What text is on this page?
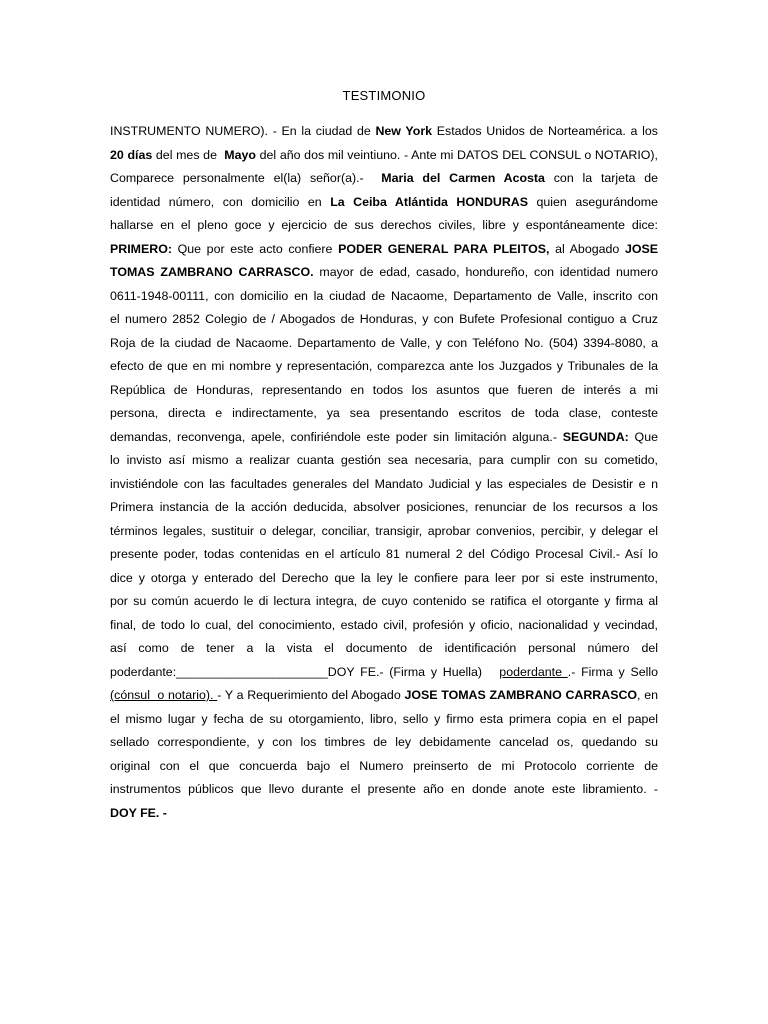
TESTIMONIO
INSTRUMENTO NUMERO). - En la ciudad de New York Estados Unidos de Norteamérica. a los
20 días del mes de  Mayo del año dos mil veintiuno. - Ante mi DATOS DEL CONSUL o NOTARIO),
Comparece personalmente el(la) señor(a).-  Maria del Carmen Acosta con la tarjeta de
identidad número, con domicilio en La Ceiba Atlántida HONDURAS quien asegurándome
hallarse en el pleno goce y ejercicio de sus derechos civiles, libre y espontáneamente dice:
PRIMERO: Que por este acto confiere PODER GENERAL PARA PLEITOS, al Abogado JOSE
TOMAS ZAMBRANO CARRASCO. mayor de edad, casado, hondureño, con identidad numero
0611-1948-00111, con domicilio en la ciudad de Nacaome, Departamento de Valle, inscrito con
el numero 2852 Colegio de / Abogados de Honduras, y con Bufete Profesional contiguo a Cruz
Roja de la ciudad de Nacaome. Departamento de Valle, y con Teléfono No. (504) 3394-8080, a
efecto de que en mi nombre y representación, comparezca ante los Juzgados y Tribunales de la
República de Honduras, representando en todos los asuntos que fueren de interés a mi
persona, directa e indirectamente, ya sea presentando escritos de toda clase, conteste
demandas, reconvenga, apele, confiriéndole este poder sin limitación alguna.- SEGUNDA: Que
lo invisto así mismo a realizar cuanta gestión sea necesaria, para cumplir con su cometido,
invistiéndole con las facultades generales del Mandato Judicial y las especiales de Desistir e n
Primera instancia de la acción deducida, absolver posiciones, renunciar de los recursos a los
términos legales, sustituir o delegar, conciliar, transigir, aprobar convenios, percibir, y delegar el
presente poder, todas contenidas en el artículo 81 numeral 2 del Código Procesal Civil.- Así lo
dice y otorga y enterado del Derecho que la ley le confiere para leer por si este instrumento,
por su común acuerdo le di lectura integra, de cuyo contenido se ratifica el otorgante y firma al
final, de todo lo cual, del conocimiento, estado civil, profesión y oficio, nacionalidad y vecindad,
así como de tener a la vista el documento de identificación personal número del
poderdante:______________________DOY FE.- (Firma y Huella)   poderdante .- Firma y Sello
(cónsul  o notario). - Y a Requerimiento del Abogado JOSE TOMAS ZAMBRANO CARRASCO, en
el mismo lugar y fecha de su otorgamiento, libro, sello y firmo esta primera copia en el papel
sellado correspondiente, y con los timbres de ley debidamente cancelad os, quedando su
original con el que concuerda bajo el Numero preinserto de mi Protocolo corriente de
instrumentos públicos que llevo durante el presente año en donde anote este libramiento. -
DOY FE. -
